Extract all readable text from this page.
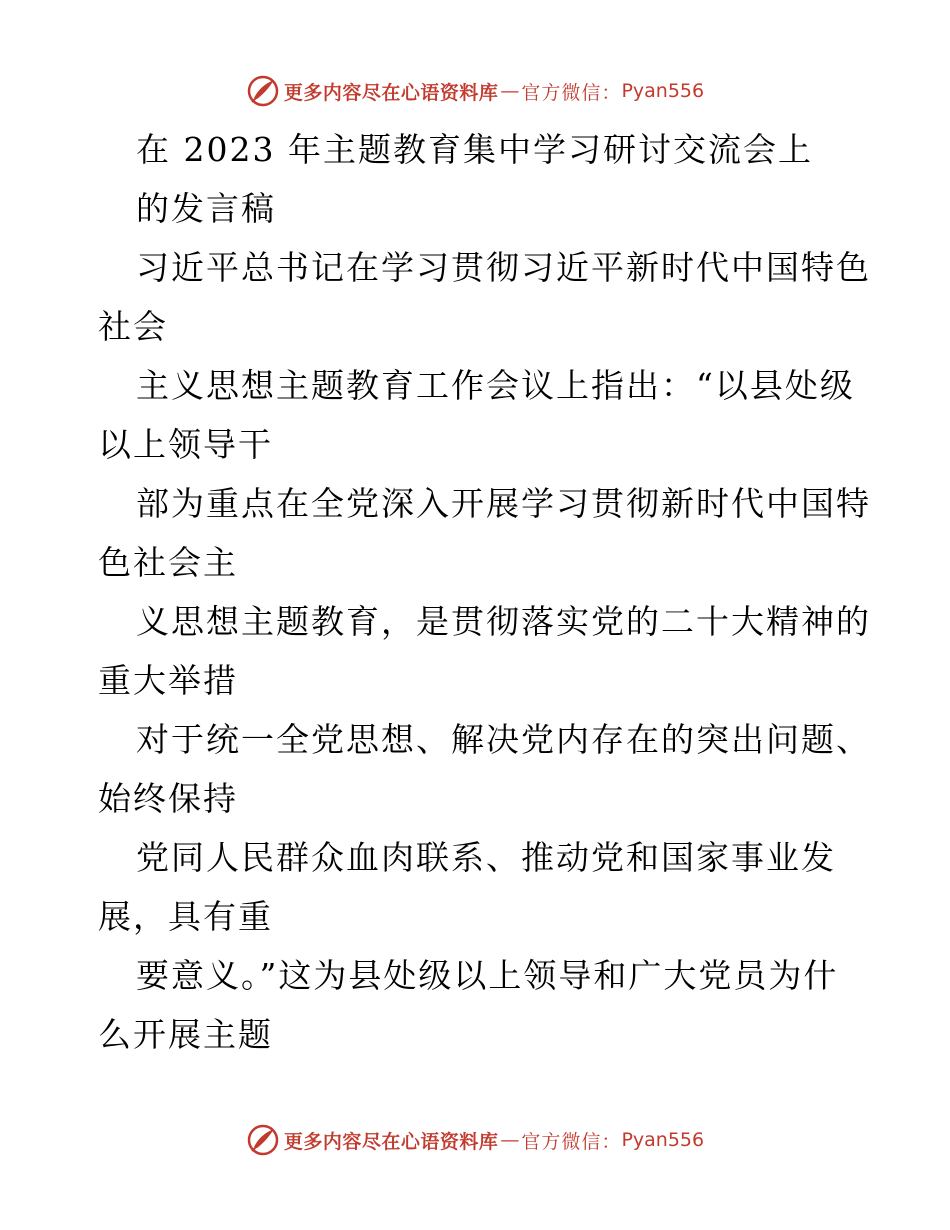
更多内容尽在心语资料库 — 官方微信： Pyan556
在 2023 年主题教育集中学习研讨交流会上
的发言稿
习近平总书记在学习贯彻习近平新时代中国特色
社会
主义思想主题教育工作会议上指出：“以县处级
以上领导干
部为重点在全党深入开展学习贯彻新时代中国特
色社会主
义思想主题教育，是贯彻落实党的二十大精神的
重大举措
对于统一全党思想、解决党内存在的突出问题、
始终保持
党同人民群众血肉联系、推动党和国家事业发
展，具有重
要意义。”这为县处级以上领导和广大党员为什
么开展主题
更多内容尽在心语资料库 — 官方微信： Pyan556
